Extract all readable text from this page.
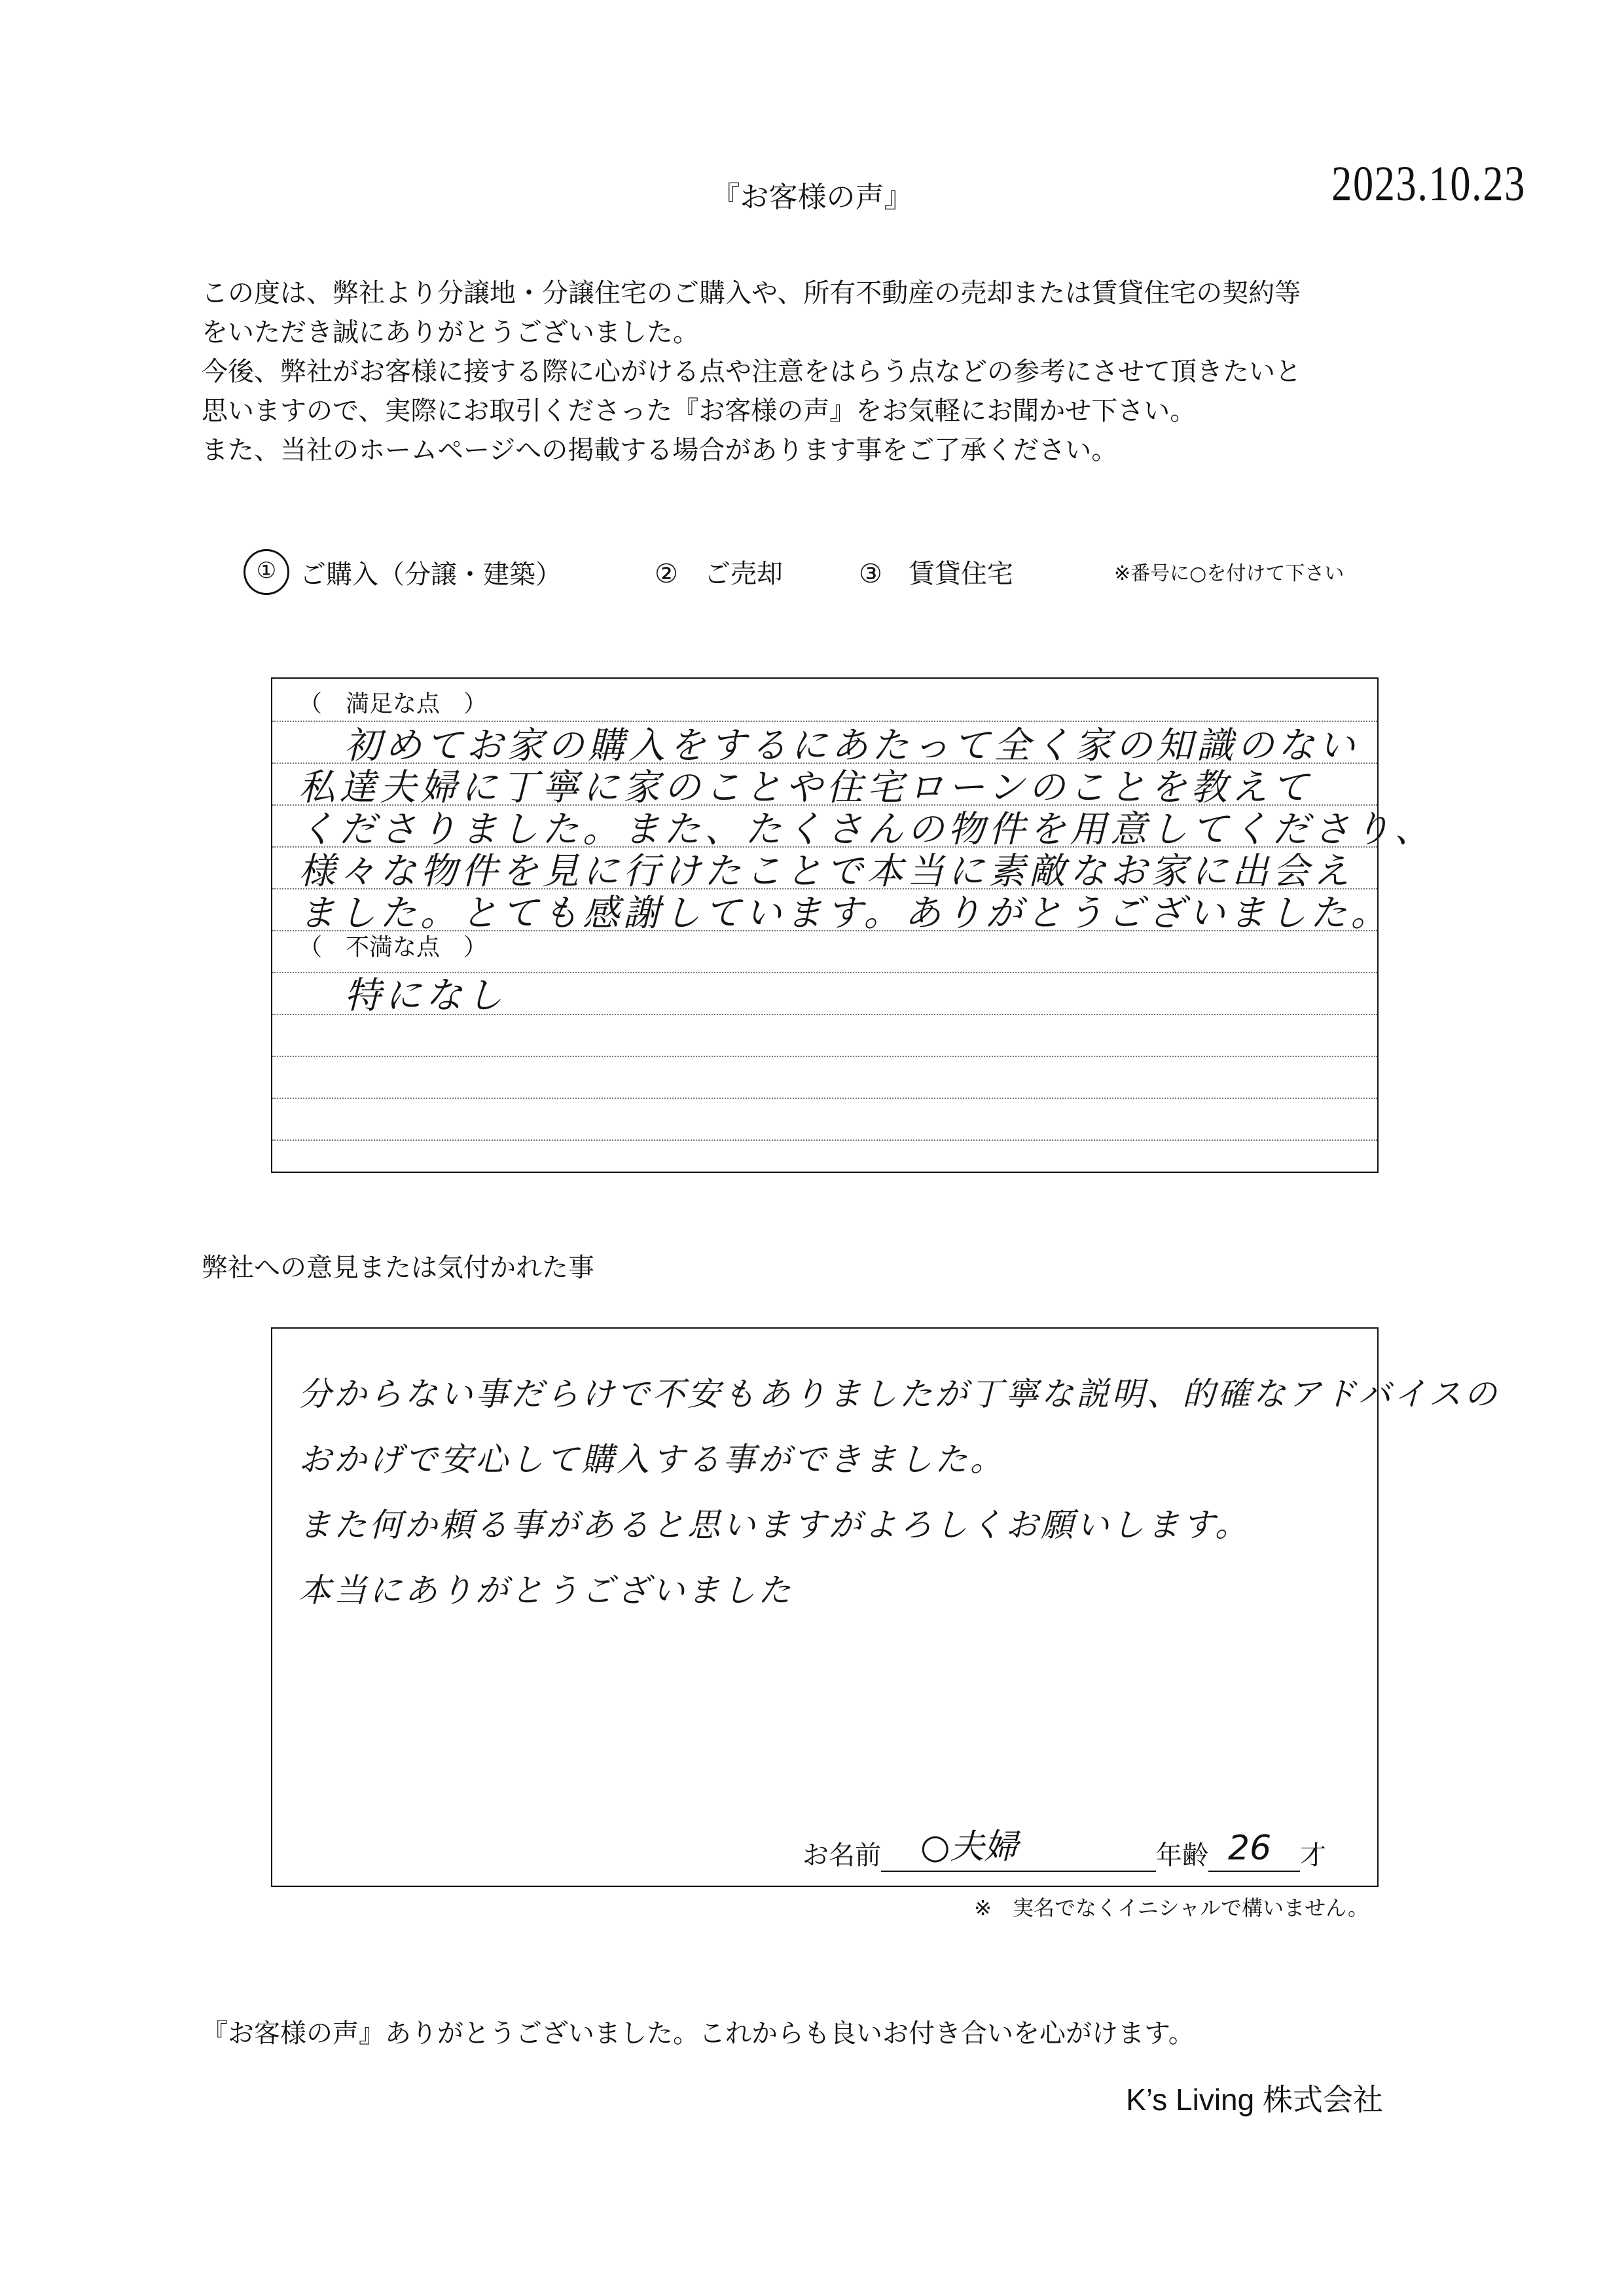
『お客様の声』	2023.10.23
この度は、弊社より分譲地・分譲住宅のご購入や、所有不動産の売却または賃貸住宅の契約等
をいただき誠にありがとうございました。
今後、弊社がお客様に接する際に心がける点や注意をはらう点などの参考にさせて頂きたいと
思いますので、実際にお取引くださった『お客様の声』をお気軽にお聞かせ下さい。
また、当社のホームページへの掲載する場合があります事をご了承ください。
① ご購入（分譲・建築）	②　 ご売却	③　 賃貸住宅	※番号に○を付けて下さい
（　満足な点　）
初めてお家の購入をするにあたって全く家の知識のない
私達夫婦に丁寧に家のことや住宅ローンのことを教えて
くださりました。また、たくさんの物件を用意してくださり、
様々な物件を見に行けたことで本当に素敵なお家に出会え
ました。とても感謝しています。ありがとうございました。
（　不満な点　）
特になし
弊社への意見または気付かれた事
分からない事だらけで不安もありましたが丁寧な説明、的確なアドバイスの
おかげで安心して購入する事ができました。
また何か頼る事があると思いますがよろしくお願いします。
本当にありがとうございました
お名前 ○夫婦	年齢 26 才
※　実名でなくイニシャルで構いません。
『お客様の声』ありがとうございました。これからも良いお付き合いを心がけます。
K’s Living 株式会社
